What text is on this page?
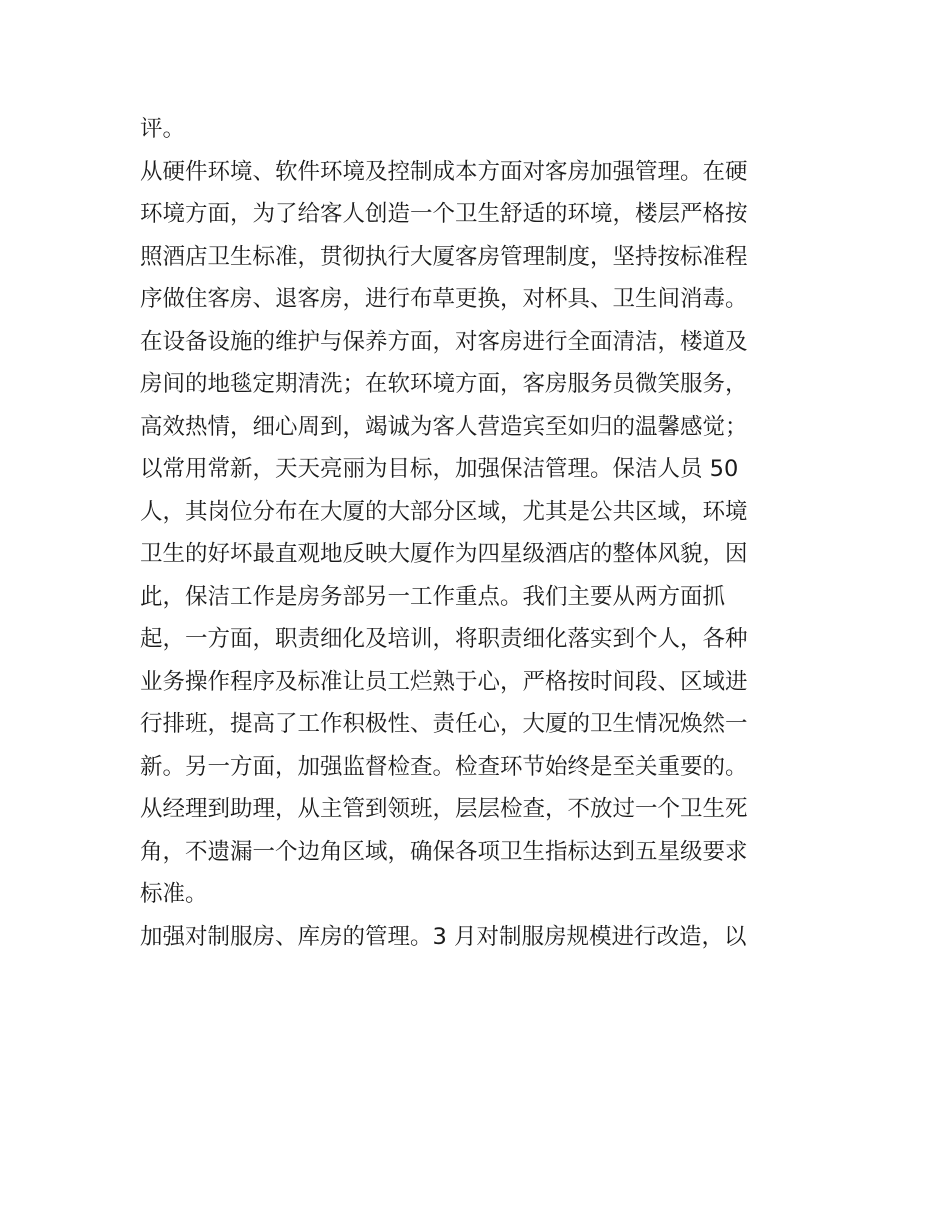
评。
从硬件环境、软件环境及控制成本方面对客房加强管理。在硬
环境方面，为了给客人创造一个卫生舒适的环境，楼层严格按
照酒店卫生标准，贯彻执行大厦客房管理制度，坚持按标准程
序做住客房、退客房，进行布草更换，对杯具、卫生间消毒。
在设备设施的维护与保养方面，对客房进行全面清洁，楼道及
房间的地毯定期清洗；在软环境方面，客房服务员微笑服务，
高效热情，细心周到，竭诚为客人营造宾至如归的温馨感觉；
以常用常新，天天亮丽为目标，加强保洁管理。保洁人员 50
人，其岗位分布在大厦的大部分区域，尤其是公共区域，环境
卫生的好坏最直观地反映大厦作为四星级酒店的整体风貌，因
此，保洁工作是房务部另一工作重点。我们主要从两方面抓
起，一方面，职责细化及培训，将职责细化落实到个人，各种
业务操作程序及标准让员工烂熟于心，严格按时间段、区域进
行排班，提高了工作积极性、责任心，大厦的卫生情况焕然一
新。另一方面，加强监督检查。检查环节始终是至关重要的。
从经理到助理，从主管到领班，层层检查，不放过一个卫生死
角，不遗漏一个边角区域，确保各项卫生指标达到五星级要求
标准。
加强对制服房、库房的管理。3 月对制服房规模进行改造，以
